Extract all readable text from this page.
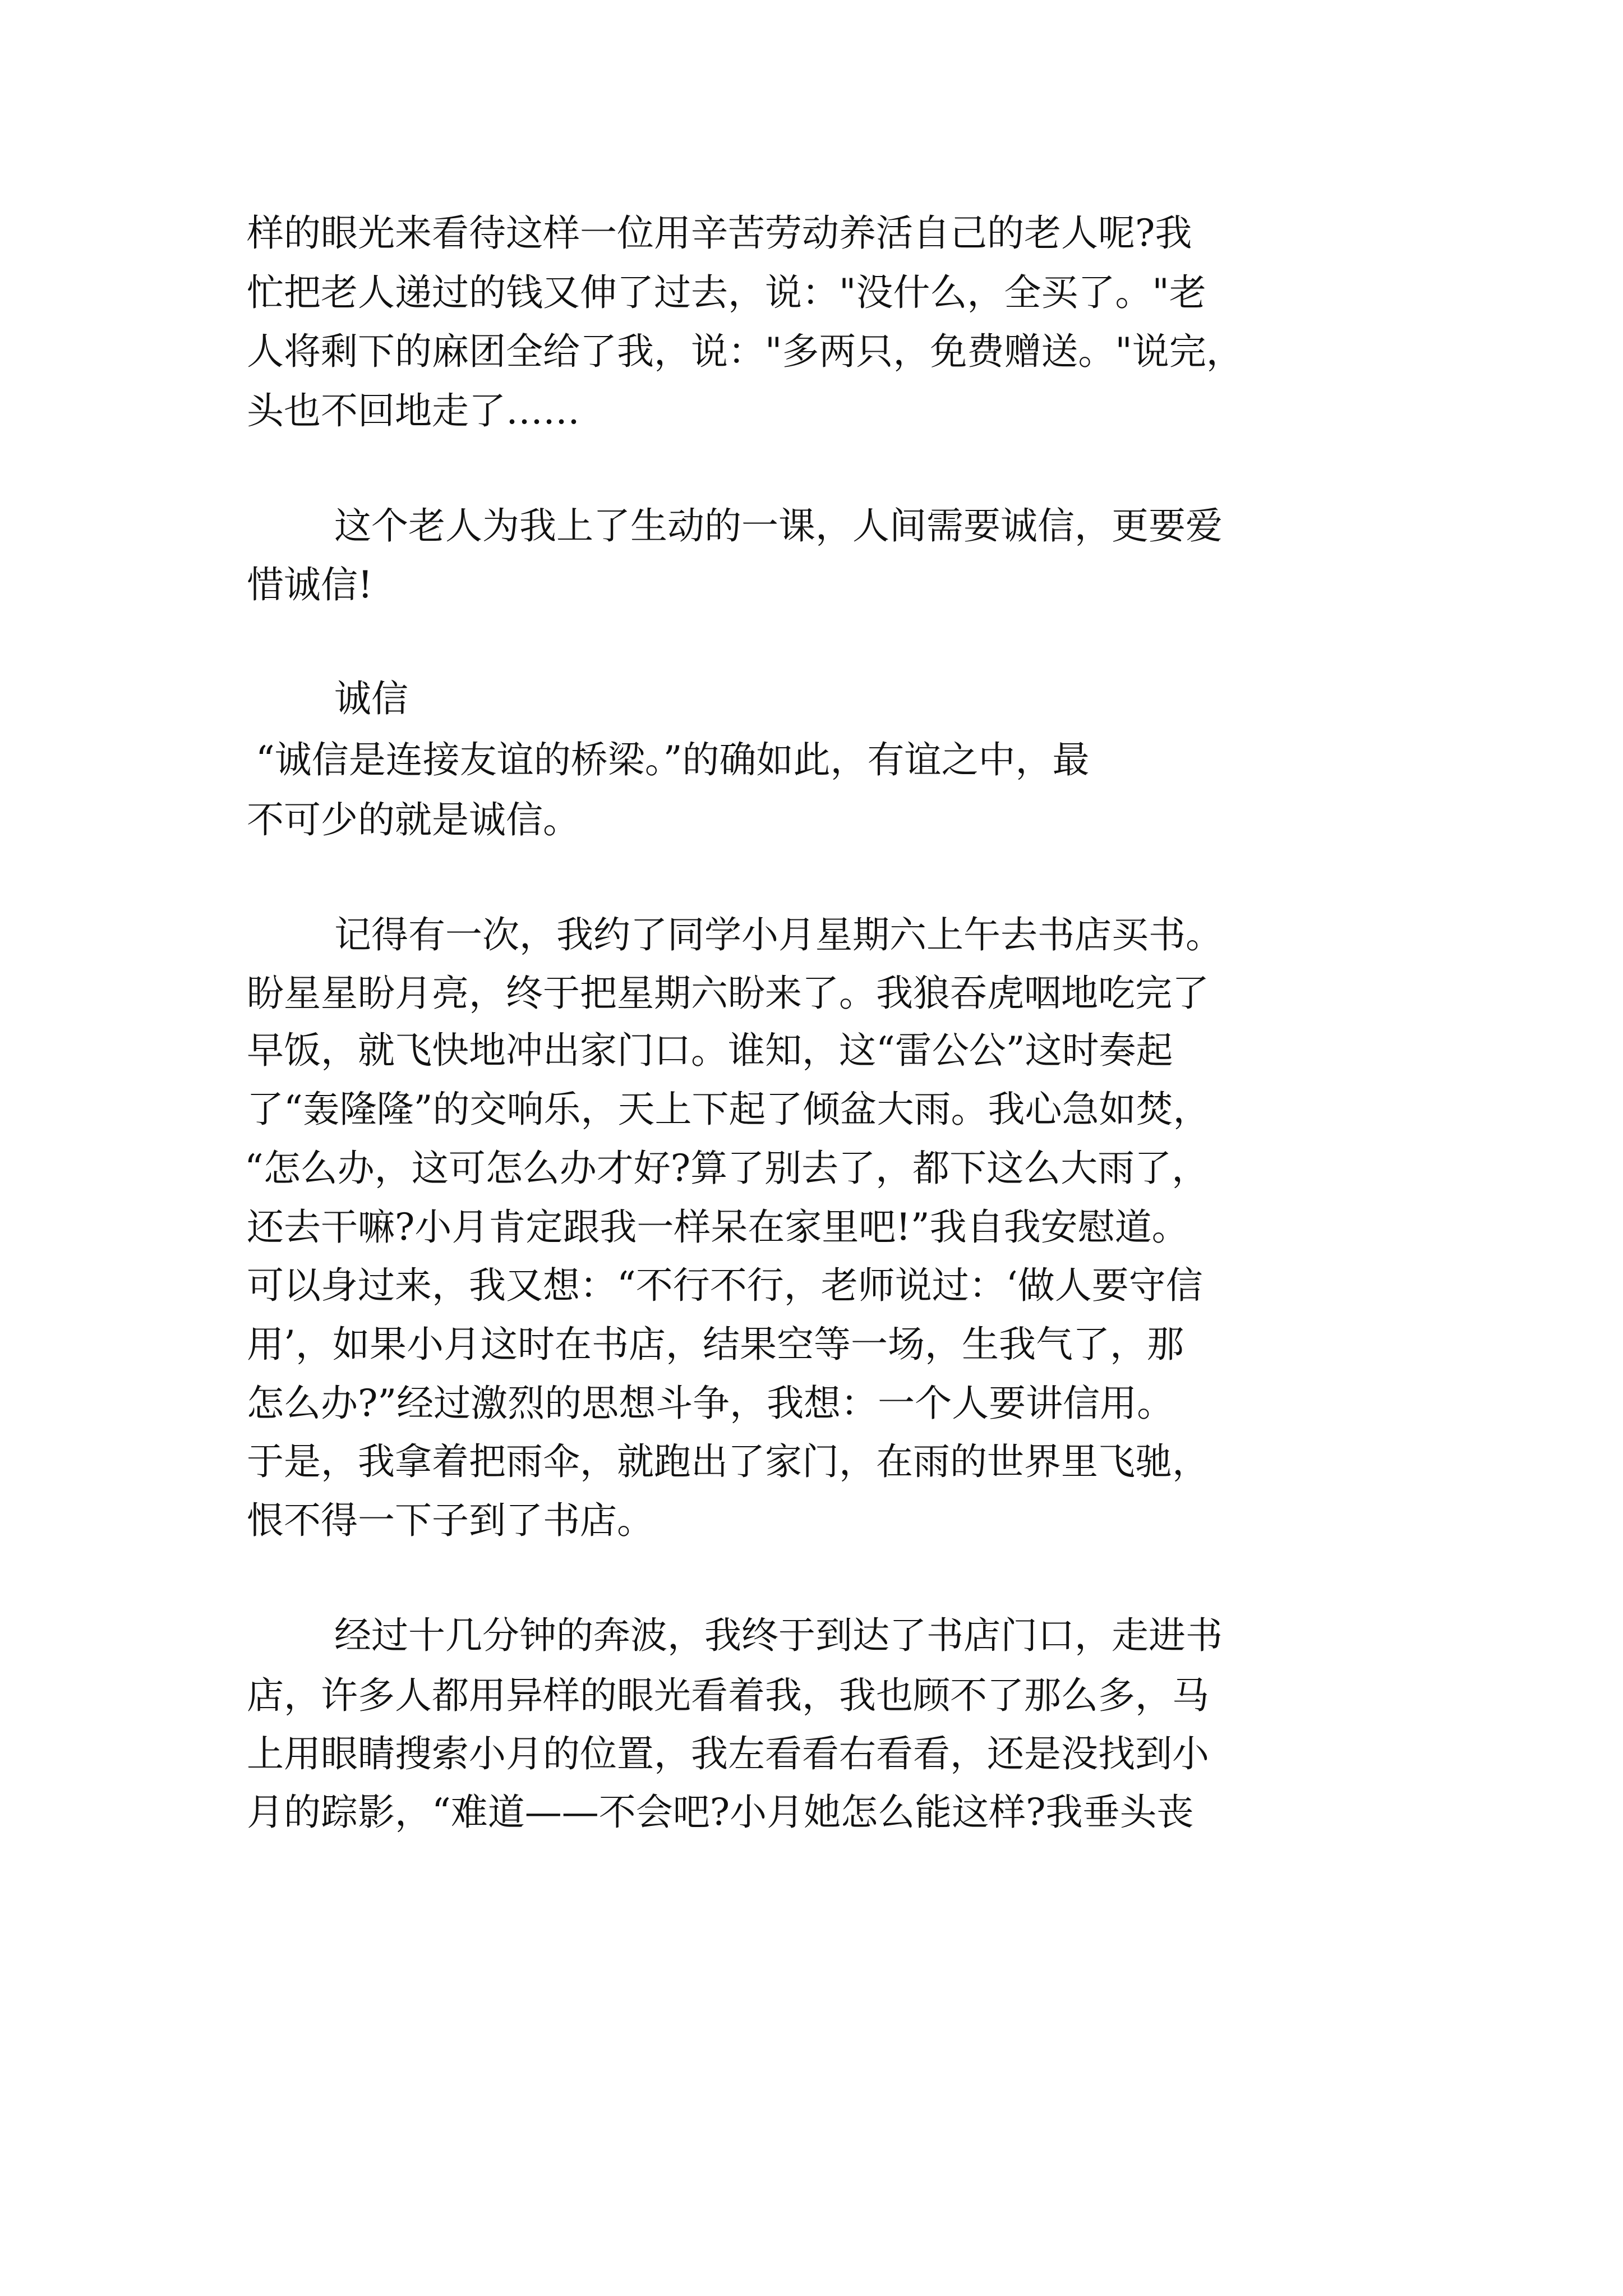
样的眼光来看待这样一位用辛苦劳动养活自己的老人呢?我

忙把老人递过的钱又伸了过去，说："没什么，全买了。"老

人将剩下的麻团全给了我，说："多两只，免费赠送。"说完，

头也不回地走了……

这个老人为我上了生动的一课，人间需要诚信，更要爱

惜诚信!

诚信

“诚信是连接友谊的桥梁。”的确如此，有谊之中，最

不可少的就是诚信。

记得有一次，我约了同学小月星期六上午去书店买书。

盼星星盼月亮，终于把星期六盼来了。我狼吞虎咽地吃完了

早饭，就飞快地冲出家门口。谁知，这“雷公公”这时奏起

了“轰隆隆”的交响乐，天上下起了倾盆大雨。我心急如焚，

“怎么办，这可怎么办才好?算了别去了，都下这么大雨了，

还去干嘛?小月肯定跟我一样呆在家里吧!”我自我安慰道。

可以身过来，我又想：“不行不行，老师说过：‘做人要守信

用’，如果小月这时在书店，结果空等一场，生我气了，那

怎么办?”经过激烈的思想斗争，我想：一个人要讲信用。

于是，我拿着把雨伞，就跑出了家门，在雨的世界里飞驰，

恨不得一下子到了书店。

经过十几分钟的奔波，我终于到达了书店门口，走进书

店，许多人都用异样的眼光看着我，我也顾不了那么多，马

上用眼睛搜索小月的位置，我左看看右看看，还是没找到小

月的踪影，“难道——不会吧?小月她怎么能这样?我垂头丧
